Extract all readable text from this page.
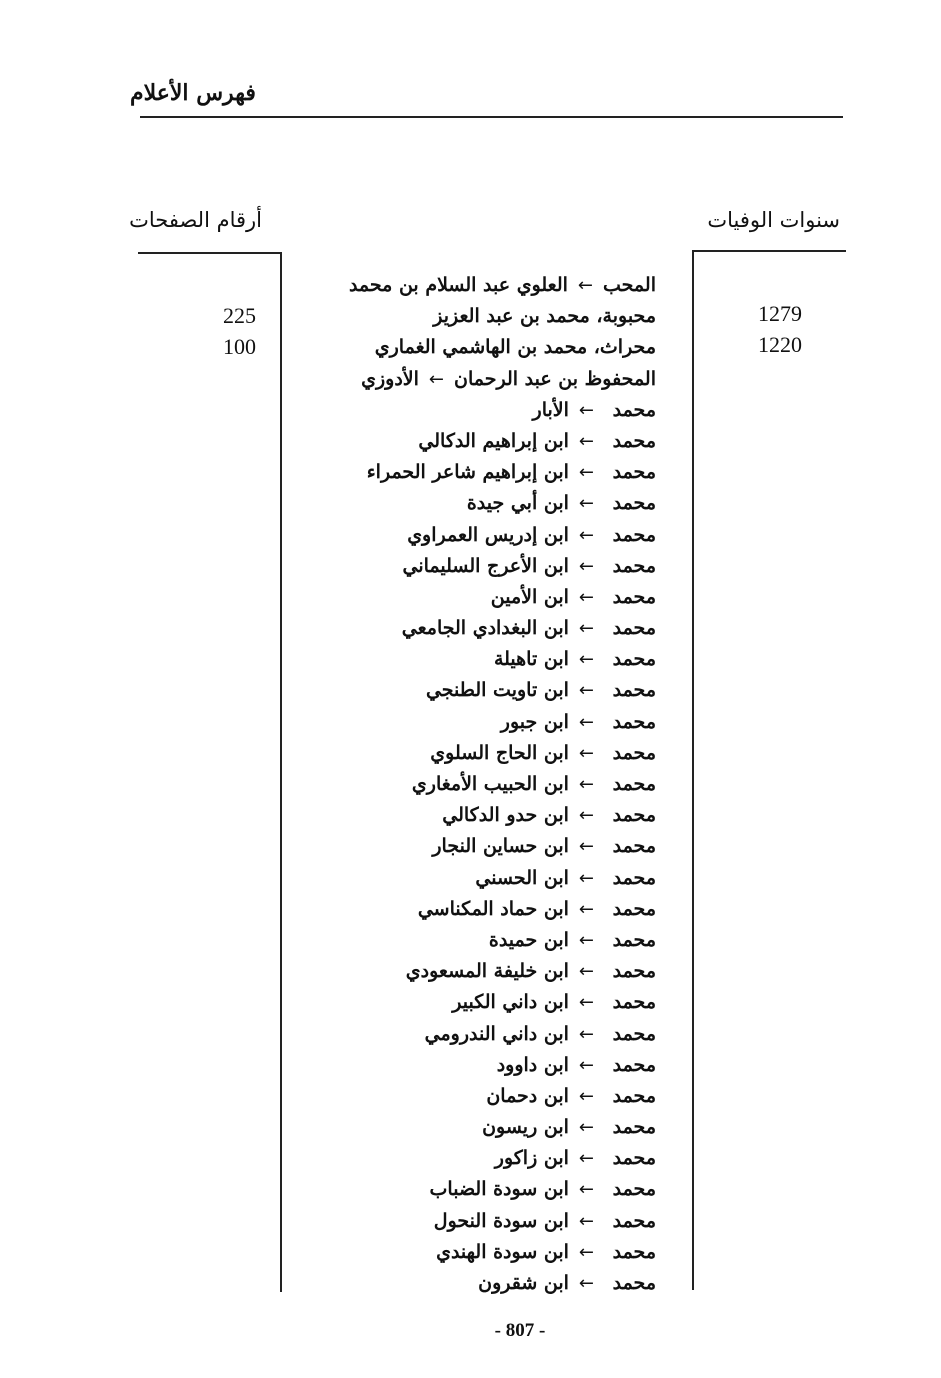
فهرس الأعلام
سنوات الوفيات
أرقام الصفحات
المحب←العلوي عبد السلام بن محمد
محبوبة، محمد بن عبد العزيز
محراث، محمد بن الهاشمي الغماري
المحفوظ بن عبد الرحمان←الأدوزي
محمد←الأبار
محمد←ابن إبراهيم الدكالي
محمد←ابن إبراهيم شاعر الحمراء
محمد←ابن أبي جيدة
محمد←ابن إدريس العمراوي
محمد←ابن الأعرج السليماني
محمد←ابن الأمين
محمد←ابن البغدادي الجامعي
محمد←ابن تاهيلة
محمد←ابن تاويت الطنجي
محمد←ابن جبور
محمد←ابن الحاج السلوي
محمد←ابن الحبيب الأمغاري
محمد←ابن حدو الدكالي
محمد←ابن حساين النجار
محمد←ابن الحسني
محمد←ابن حماد المكناسي
محمد←ابن حميدة
محمد←ابن خليفة المسعودي
محمد←ابن داني الكبير
محمد←ابن داني الندرومي
محمد←ابن داوود
محمد←ابن دحمان
محمد←ابن ريسون
محمد←ابن زاكور
محمد←ابن سودة الضباب
محمد←ابن سودة النحول
محمد←ابن سودة الهندي
محمد←ابن شقرون
1279
1220
225
100
- 807 -
